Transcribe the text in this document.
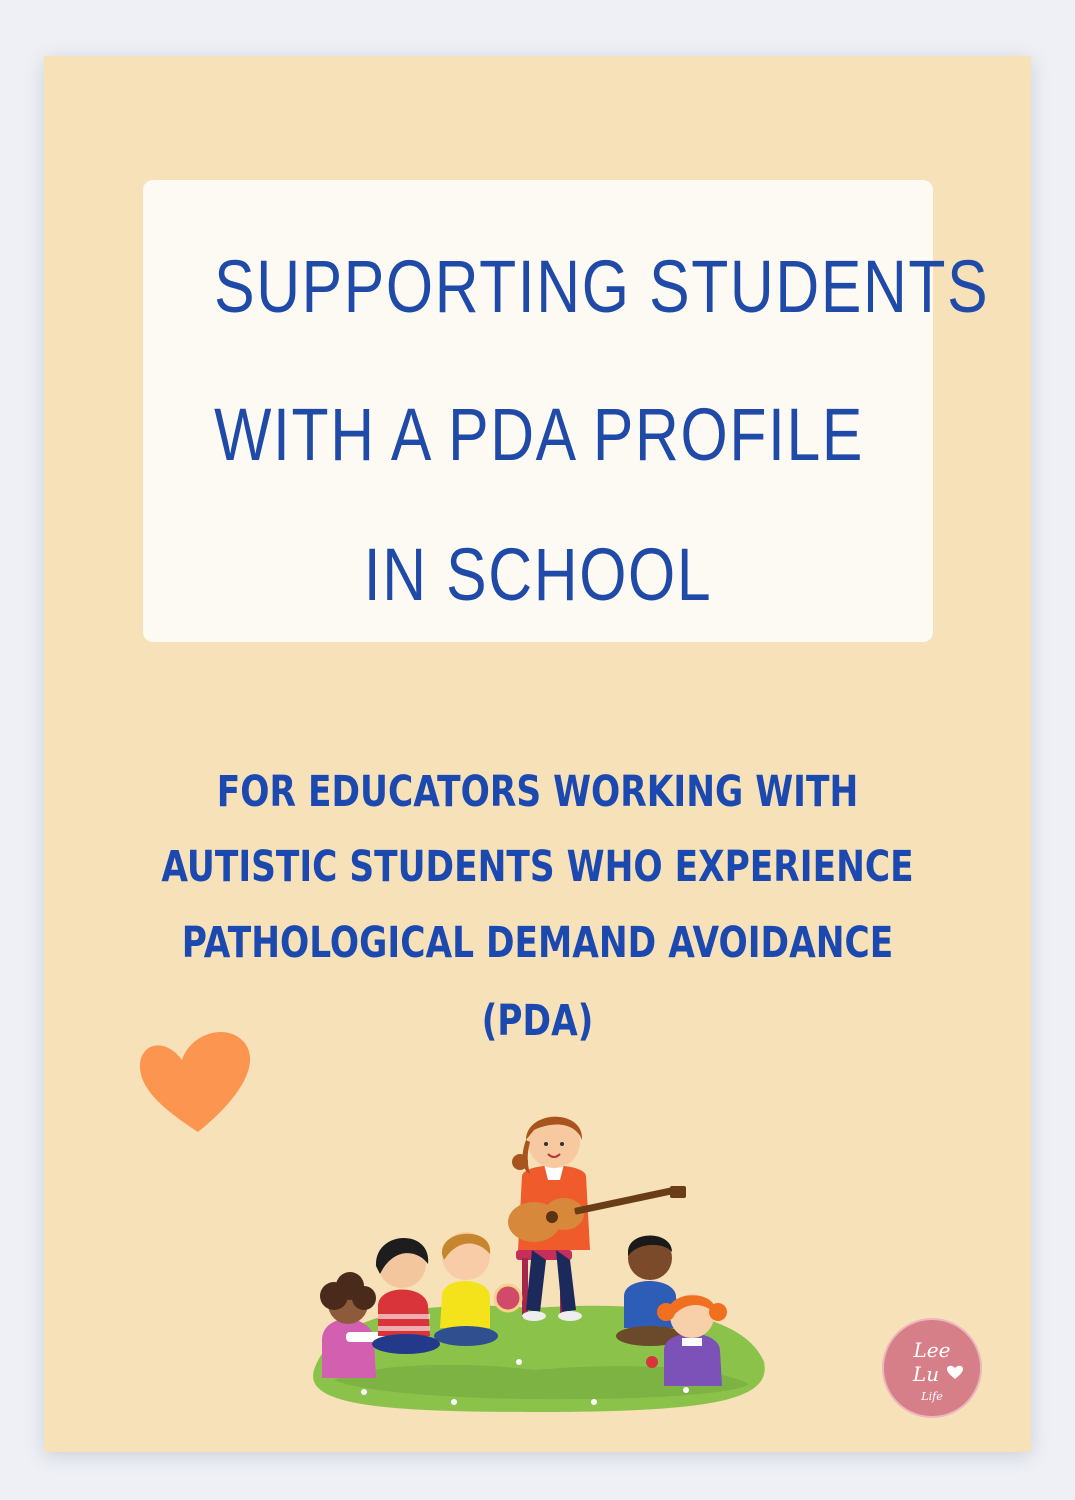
SUPPORTING STUDENTS
WITH A PDA PROFILE
IN SCHOOL
FOR EDUCATORS WORKING WITH
AUTISTIC STUDENTS WHO EXPERIENCE
PATHOLOGICAL DEMAND AVOIDANCE
(PDA)
Lee
Lu
Life
